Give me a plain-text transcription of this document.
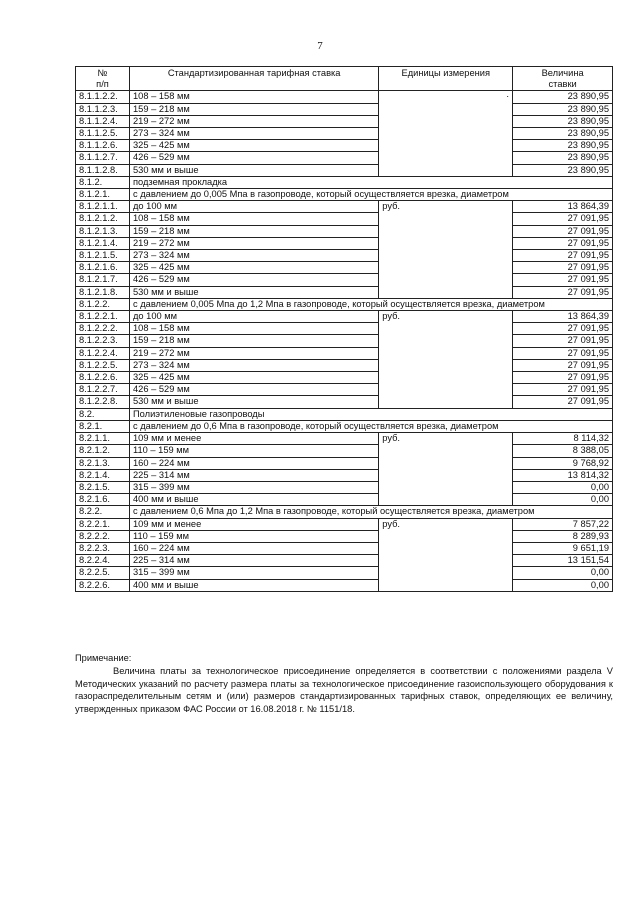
7
№
п/п	Стандартизированная тарифная ставка	Единицы измерения	Величина
ставки
8.1.1.2.2.	108 – 158 мм	·	23 890,95
8.1.1.2.3.	159 – 218 мм		23 890,95
8.1.1.2.4.	219 – 272 мм		23 890,95
8.1.1.2.5.	273 – 324 мм		23 890,95
8.1.1.2.6.	325 – 425 мм		23 890,95
8.1.1.2.7.	426 – 529 мм		23 890,95
8.1.1.2.8.	530 мм и выше		23 890,95
8.1.2.	подземная прокладка		
8.1.2.1.	с давлением до 0,005 Мпа в газопроводе, который осуществляется врезка, диаметром		
8.1.2.1.1.	до 100 мм	руб.	13 864,39
8.1.2.1.2.	108 – 158 мм		27 091,95
8.1.2.1.3.	159 – 218 мм		27 091,95
8.1.2.1.4.	219 – 272 мм		27 091,95
8.1.2.1.5.	273 – 324 мм		27 091,95
8.1.2.1.6.	325 – 425 мм		27 091,95
8.1.2.1.7.	426 – 529 мм		27 091,95
8.1.2.1.8.	530 мм и выше		27 091,95
8.1.2.2.	с давлением 0,005 Мпа до 1,2 Мпа в газопроводе, который осуществляется врезка, диаметром		
8.1.2.2.1.	до 100 мм	руб.	13 864,39
8.1.2.2.2.	108 – 158 мм		27 091,95
8.1.2.2.3.	159 – 218 мм		27 091,95
8.1.2.2.4.	219 – 272 мм		27 091,95
8.1.2.2.5.	273 – 324 мм		27 091,95
8.1.2.2.6.	325 – 425 мм		27 091,95
8.1.2.2.7.	426 – 529 мм		27 091,95
8.1.2.2.8.	530 мм и выше		27 091,95
8.2.	Полиэтиленовые газопроводы		
8.2.1.	с давлением до 0,6 Мпа в газопроводе, который осуществляется врезка, диаметром		
8.2.1.1.	109 мм и менее	руб.	8 114,32
8.2.1.2.	110 – 159 мм		8 388,05
8.2.1.3.	160 – 224 мм		9 768,92
8.2.1.4.	225 – 314 мм		13 814,32
8.2.1.5.	315 – 399 мм		0,00
8.2.1.6.	400 мм и выше		0,00
8.2.2.	с давлением 0,6 Мпа до 1,2 Мпа в газопроводе, который осуществляется врезка, диаметром		
8.2.2.1.	109 мм и менее	руб.	7 857,22
8.2.2.2.	110 – 159 мм		8 289,93
8.2.2.3.	160 – 224 мм		9 651,19
8.2.2.4.	225 – 314 мм		13 151,54
8.2.2.5.	315 – 399 мм		0,00
8.2.2.6.	400 мм и выше		0,00
Примечание:
Величина платы за технологическое присоединение определяется в соответствии с положениями раздела V Методических указаний по расчету размера платы за технологическое присоединение газоиспользующего оборудования к газораспределительным сетям и (или) размеров стандартизированных тарифных ставок, определяющих ее величину, утвержденных приказом ФАС России от 16.08.2018 г. № 1151/18.
